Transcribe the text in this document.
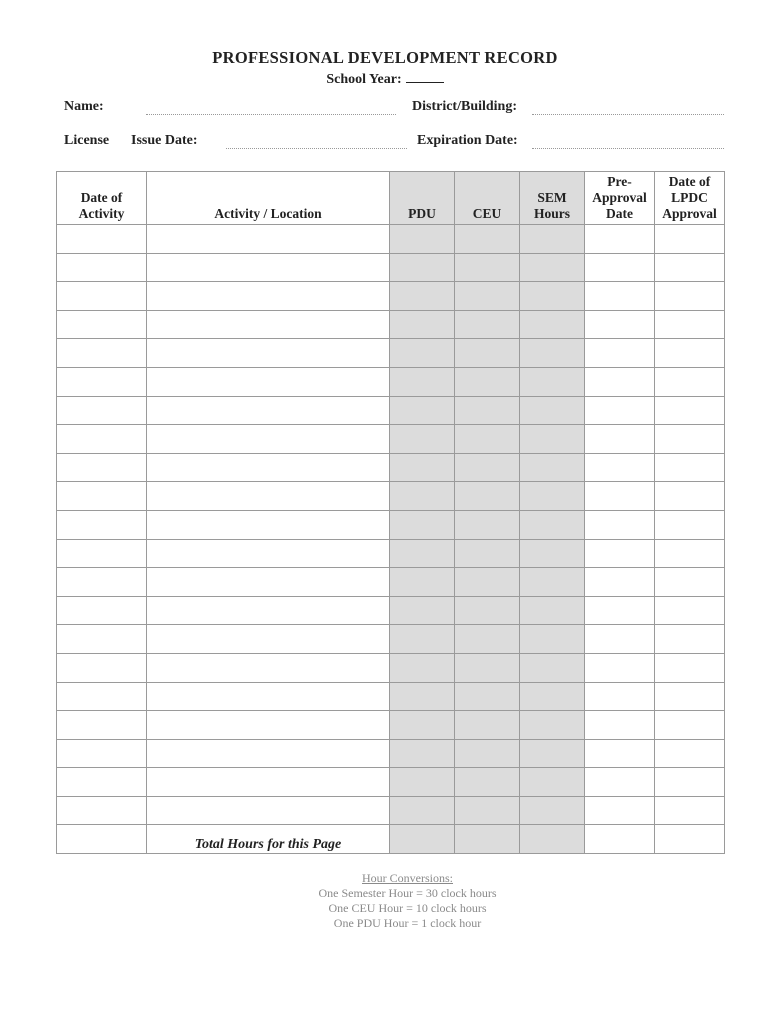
PROFESSIONAL DEVELOPMENT RECORD
School Year:
Name:	District/Building:
License Issue Date:	Expiration Date:
Date of Activity	Activity / Location	PDU	CEU	SEM Hours	Pre- Approval Date	Date of LPDC Approval

	Total Hours for this Page					
Hour Conversions:
One Semester Hour = 30 clock hours
One CEU Hour = 10 clock hours
One PDU Hour = 1 clock hour
